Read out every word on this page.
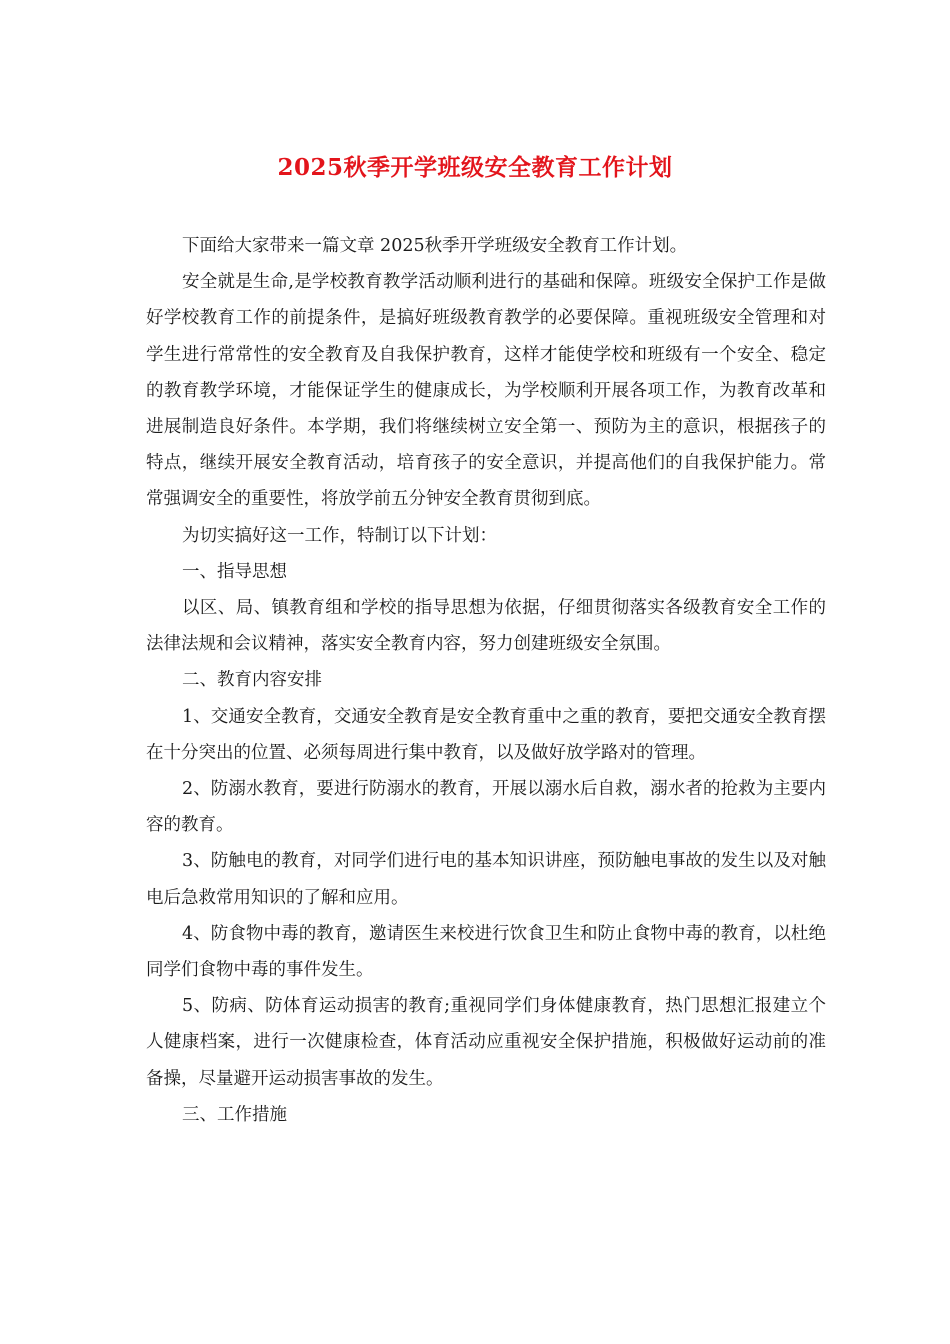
2025秋季开学班级安全教育工作计划

下面给大家带来一篇文章 2025秋季开学班级安全教育工作计划。

安全就是生命,是学校教育教学活动顺利进行的基础和保障。班级安全保护工作是做好学校教育工作的前提条件，是搞好班级教育教学的必要保障。重视班级安全管理和对学生进行常常性的安全教育及自我保护教育，这样才能使学校和班级有一个安全、稳定的教育教学环境，才能保证学生的健康成长，为学校顺利开展各项工作，为教育改革和进展制造良好条件。本学期，我们将继续树立安全第一、预防为主的意识，根据孩子的特点，继续开展安全教育活动，培育孩子的安全意识，并提高他们的自我保护能力。常常强调安全的重要性，将放学前五分钟安全教育贯彻到底。

为切实搞好这一工作，特制订以下计划：

一、指导思想

以区、局、镇教育组和学校的指导思想为依据，仔细贯彻落实各级教育安全工作的法律法规和会议精神，落实安全教育内容，努力创建班级安全氛围。

二、教育内容安排

1、交通安全教育，交通安全教育是安全教育重中之重的教育，要把交通安全教育摆在十分突出的位置、必须每周进行集中教育，以及做好放学路对的管理。

2、防溺水教育，要进行防溺水的教育，开展以溺水后自救，溺水者的抢救为主要内容的教育。

3、防触电的教育，对同学们进行电的基本知识讲座，预防触电事故的发生以及对触电后急救常用知识的了解和应用。

4、防食物中毒的教育，邀请医生来校进行饮食卫生和防止食物中毒的教育，以杜绝同学们食物中毒的事件发生。

5、防病、防体育运动损害的教育;重视同学们身体健康教育，热门思想汇报建立个人健康档案，进行一次健康检查，体育活动应重视安全保护措施，积极做好运动前的准备操，尽量避开运动损害事故的发生。

三、工作措施
